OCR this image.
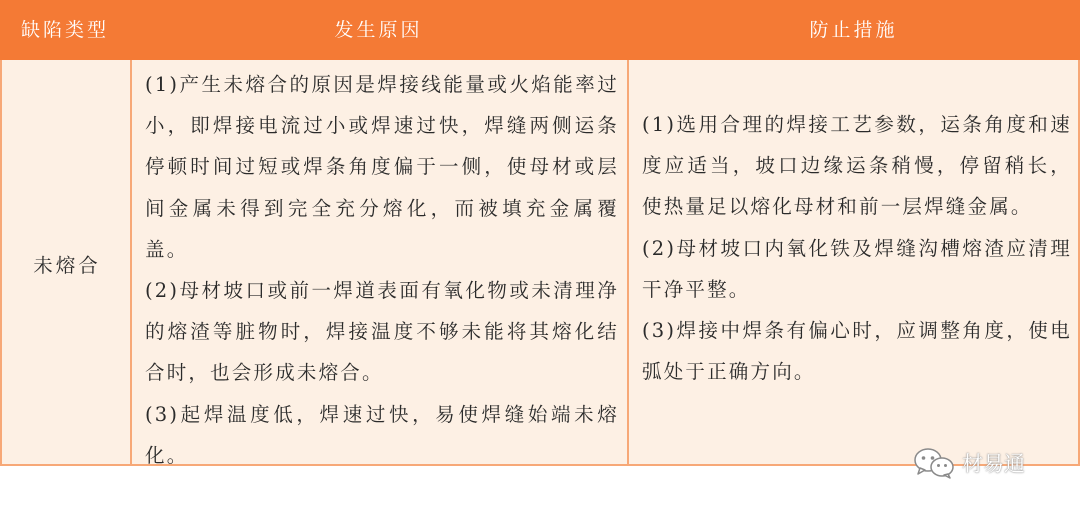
缺陷类型	发生原因	防止措施
未熔合
(1)产生未熔合的原因是焊接线能量或火焰能率过小，即焊接电流过小或焊速过快，焊缝两侧运条停顿时间过短或焊条角度偏于一侧，使母材或层间金属未得到完全充分熔化，而被填充金属覆盖。
(2)母材坡口或前一焊道表面有氧化物或未清理净的熔渣等脏物时，焊接温度不够未能将其熔化结合时，也会形成未熔合。
(3)起焊温度低，焊速过快，易使焊缝始端未熔化。
(1)选用合理的焊接工艺参数，运条角度和速度应适当，坡口边缘运条稍慢，停留稍长，使热量足以熔化母材和前一层焊缝金属。
(2)母材坡口内氧化铁及焊缝沟槽熔渣应清理干净平整。
(3)焊接中焊条有偏心时，应调整角度，使电弧处于正确方向。
材易通
